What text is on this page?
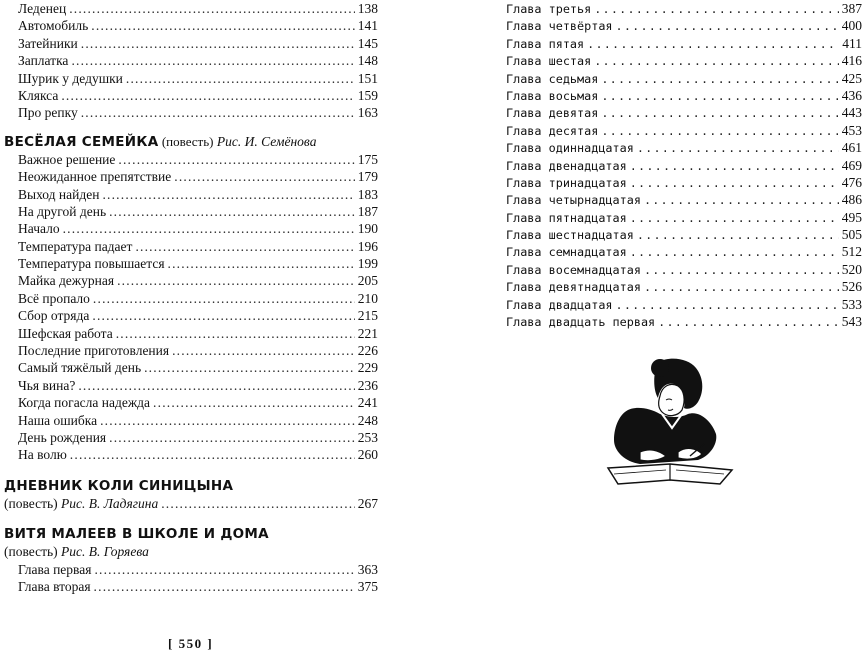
Леденец .....	138
Автомобиль .....	141
Затейники .....	145
Заплатка .....	148
Шурик у дедушки .....	151
Клякса .....	159
Про репку .....	163
ВЕСЁЛАЯ СЕМЕЙКА (повесть) Рис. И. Семёнова
Важное решение .....	175
Неожиданное препятствие .....	179
Выход найден .....	183
На другой день .....	187
Начало .....	190
Температура падает .....	196
Температура повышается .....	199
Майка дежурная .....	205
Всё пропало .....	210
Сбор отряда .....	215
Шефская работа .....	221
Последние приготовления .....	226
Самый тяжёлый день .....	229
Чья вина? .....	236
Когда погасла надежда .....	241
Наша ошибка .....	248
День рождения .....	253
На волю .....	260
ДНЕВНИК КОЛИ СИНИЦЫНА
(повесть) Рис. В. Ладягина .....	267
ВИТЯ МАЛЕЕВ В ШКОЛЕ И ДОМА
(повесть) Рис. В. Горяева
Глава первая .....	363
Глава вторая .....	375
Глава третья .....	387
Глава четвёртая .....	400
Глава пятая .....	411
Глава шестая .....	416
Глава седьмая .....	425
Глава восьмая .....	436
Глава девятая .....	443
Глава десятая .....	453
Глава одиннадцатая .....	461
Глава двенадцатая .....	469
Глава тринадцатая .....	476
Глава четырнадцатая .....	486
Глава пятнадцатая .....	495
Глава шестнадцатая .....	505
Глава семнадцатая .....	512
Глава восемнадцатая .....	520
Глава девятнадцатая .....	526
Глава двадцатая .....	533
Глава двадцать первая .....	543
[ 550 ]
